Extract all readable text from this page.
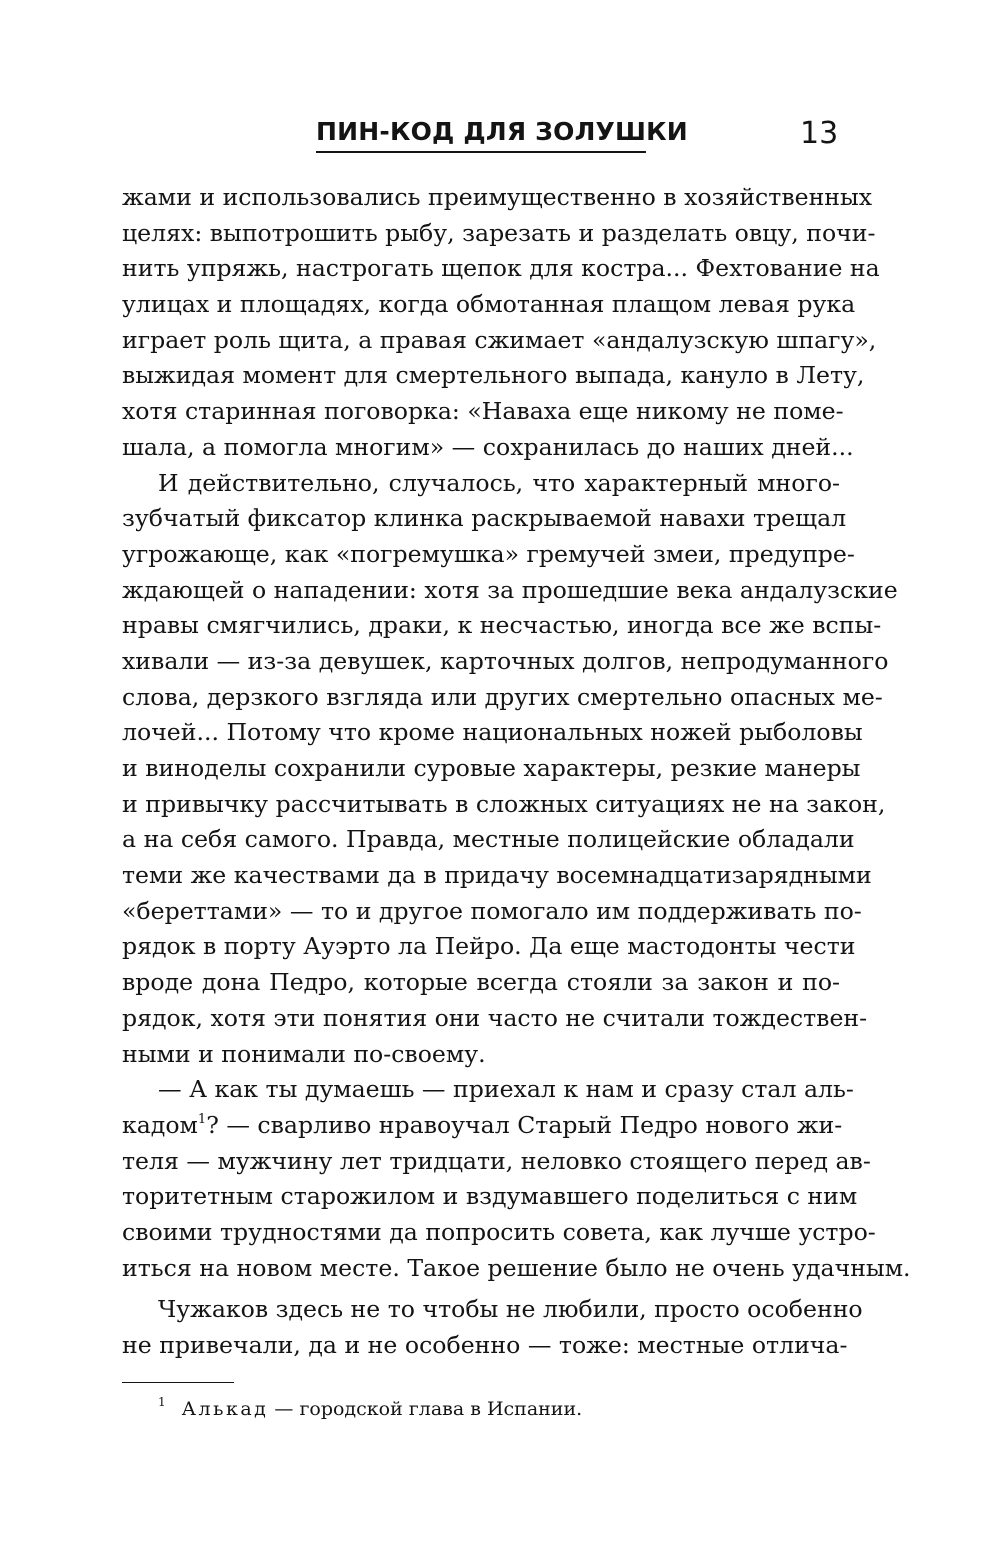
ПИН-КОД ДЛЯ ЗОЛУШКИ	13
жами и использовались преимущественно в хозяйственных
целях: выпотрошить рыбу, зарезать и разделать овцу, почи-
нить упряжь, настрогать щепок для костра... Фехтование на
улицах и площадях, когда обмотанная плащом левая рука
играет роль щита, а правая сжимает «андалузскую шпагу»,
выжидая момент для смертельного выпада, кануло в Лету,
хотя старинная поговорка: «Наваха еще никому не поме-
шала, а помогла многим» — сохранилась до наших дней...
И действительно, случалось, что характерный много-
зубчатый фиксатор клинка раскрываемой навахи трещал
угрожающе, как «погремушка» гремучей змеи, предупре-
ждающей о нападении: хотя за прошедшие века андалузские
нравы смягчились, драки, к несчастью, иногда все же вспы-
хивали — из-за девушек, карточных долгов, непродуманного
слова, дерзкого взгляда или других смертельно опасных ме-
лочей... Потому что кроме национальных ножей рыболовы
и виноделы сохранили суровые характеры, резкие манеры
и привычку рассчитывать в сложных ситуациях не на закон,
а на себя самого. Правда, местные полицейские обладали
теми же качествами да в придачу восемнадцатизарядными
«береттами» — то и другое помогало им поддерживать по-
рядок в порту Ауэрто ла Пейро. Да еще мастодонты чести
вроде дона Педро, которые всегда стояли за закон и по-
рядок, хотя эти понятия они часто не считали тождествен-
ными и понимали по-своему.
— А как ты думаешь — приехал к нам и сразу стал аль-
кадом$^1$? — сварливо нравоучал Старый Педро нового жи-
теля — мужчину лет тридцати, неловко стоящего перед ав-
торитетным старожилом и вздумавшего поделиться с ним
своими трудностями да попросить совета, как лучше устро-
иться на новом месте. Такое решение было не очень удачным.
Чужаков здесь не то чтобы не любили, просто особенно
не привечали, да и не особенно — тоже: местные отлича-
$^1$ Алькад — городской глава в Испании.
